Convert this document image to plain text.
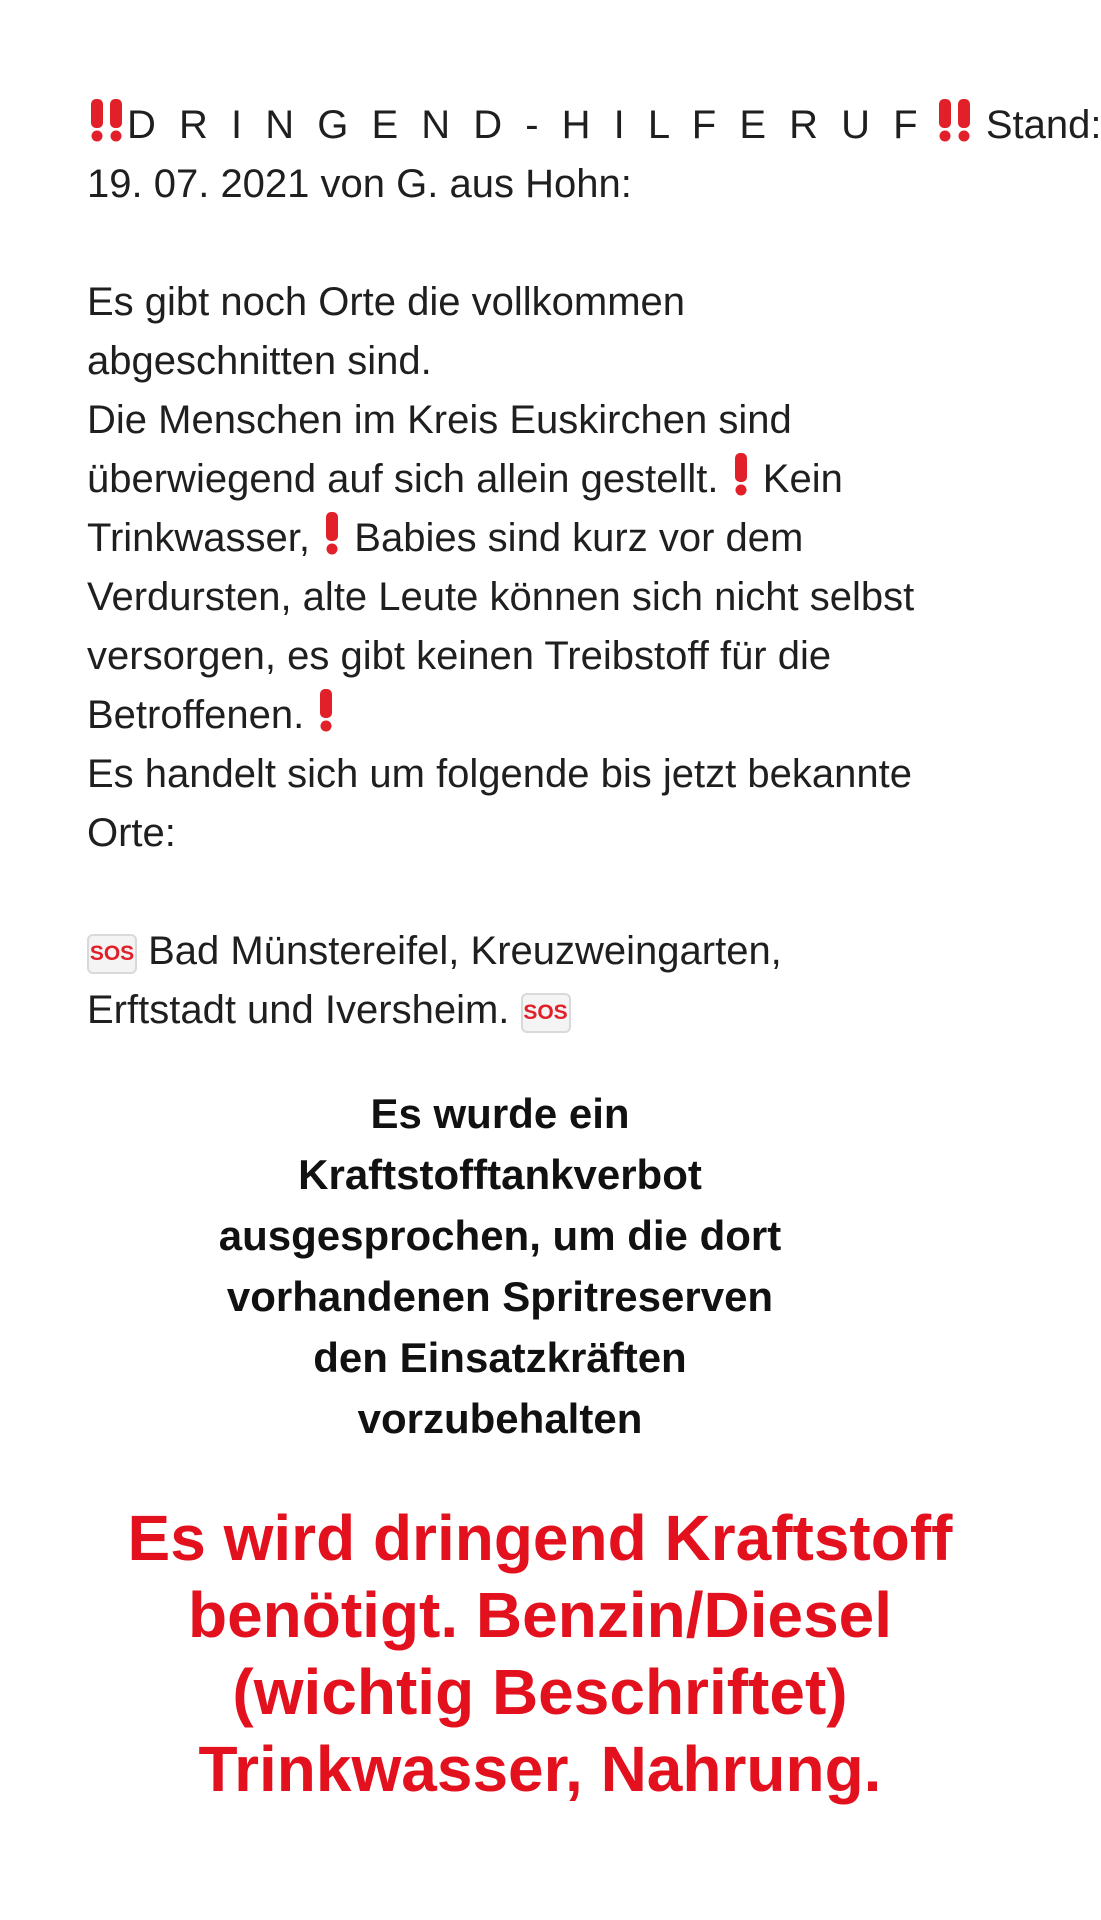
D R I N G E N D - H I L F E R U F Stand:
19. 07. 2021 von G. aus Hohn:
Es gibt noch Orte die vollkommen
abgeschnitten sind.
Die Menschen im Kreis Euskirchen sind
überwiegend auf sich allein gestellt. Kein
Trinkwasser, Babies sind kurz vor dem
Verdursten, alte Leute können sich nicht selbst
versorgen, es gibt keinen Treibstoff für die
Betroffenen.
Es handelt sich um folgende bis jetzt bekannte
Orte:
SOS Bad Münstereifel, Kreuzweingarten,
Erftstadt und Iversheim. SOS
Es wurde ein
Kraftstofftankverbot
ausgesprochen, um die dort
vorhandenen Spritreserven
den Einsatzkräften
vorzubehalten
Es wird dringend Kraftstoff
benötigt. Benzin/Diesel
(wichtig Beschriftet)
Trinkwasser, Nahrung.
